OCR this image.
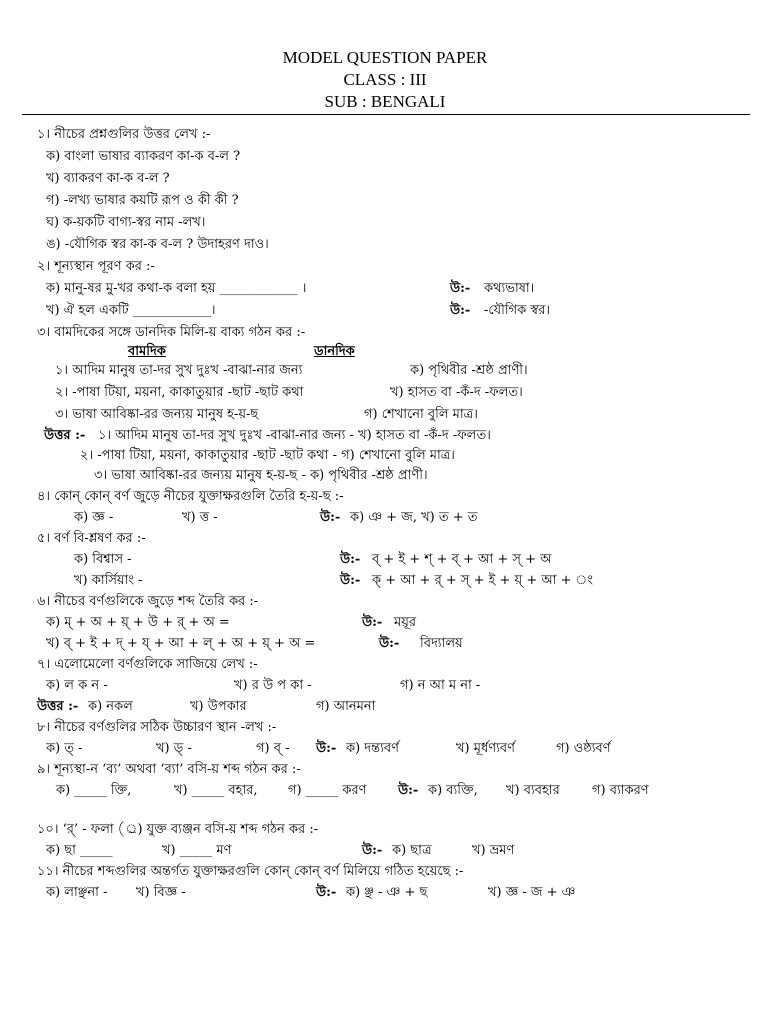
MODEL QUESTION PAPER
CLASS : III
SUB : BENGALI
১। নীচের প্রশ্নগুলির উত্তর লেখ :-
ক) বাংলা ভাষার ব্যাকরণ কা-ক ব-ল ?
খ) ব্যাকরণ কা-ক ব-ল ?
গ) -লখ্য ভাষার কয়টি রূপ ও কী কী ?
ঘ) ক-য়কটি বাগ্য-স্বর নাম -লখ।
ঙ) -যৌগিক স্বর কা-ক ব-ল ? উদাহরণ দাও।
২। শূন্যস্থান পূরণ কর :-
ক) মানু-ষর মু-খর কথা-ক বলা হয় ____________ ।	উ:- কথ্যভাষা।
খ) ঐ হল একটি ____________।	উ:- -যৌগিক স্বর।
৩। বামদিকের সঙ্গে ডানদিক মিলি-য় বাক্য গঠন কর :-
বামদিক	ডানদিক
১। আদিম মানুষ তা-দর সুখ দুঃখ -বাঝা-নার জন্য	ক) পৃথিবীর -শ্রষ্ঠ প্রাণী।
২। -পাষা টিয়া, ময়না, কাকাতুয়ার -ছাট -ছাট কথা	খ) হাসত বা -কঁ-দ -ফলত।
৩। ভাষা আবিষ্কা-রর জন্যয় মানুষ হ-য়-ছ	গ) শেখানো বুলি মাত্র।
উত্তর :- ১। আদিম মানুষ তা-দর সুখ দুঃখ -বাঝা-নার জন্য - খ) হাসত বা -কঁ-দ -ফলত।
২। -পাষা টিয়া, ময়না, কাকাতুয়ার -ছাট -ছাট কথা - গ) শেখানো বুলি মাত্র।
৩। ভাষা আবিষ্কা-রর জন্যয় মানুষ হ-য়-ছ - ক) পৃথিবীর -শ্রষ্ঠ প্রাণী।
৪। কোন্ কোন্ বর্ণ জুড়ে নীচের যুক্তাক্ষরগুলি তৈরি হ-য়-ছ :-
ক) জ্ঞ -	খ) ত্ত -	উ:- ক) ঞ + জ, খ) ত + ত
৫। বর্ণ বি-শ্লষণ কর :-
ক) বিশ্বাস -	উ:- ব্ + ই + শ্ + ব্ + আ + স্ + অ
খ) কার্সিয়াং -	উ:- ক্ + আ + র্ + স্ + ই + য়্ + আ + ং
৬। নীচের বর্ণগুলিকে জুড়ে শব্দ তৈরি কর :-
ক) ম্ + অ + য়্ + উ + র্ + অ =	উ:- ময়ূর
খ) ব্ + ই + দ্ + য্ + আ + ল্ + অ + য়্ + অ =	উ:- বিদ্যালয়
৭। এলোমেলো বর্ণগুলিকে সাজিয়ে লেখ :-
ক) ল ক ন -	খ) র উ প কা -	গ) ন আ ম না -
উত্তর :- ক) নকল	খ) উপকার	গ) আনমনা
৮। নীচের বর্ণগুলির সঠিক উচ্চারণ স্থান -লখ :-
ক) ত্ -	খ) ড্ -	গ) ব্ - উ:- ক) দন্ত্যবর্ণ	খ) মূর্ধণ্যবর্ণ	গ) ওষ্ঠ্যবর্ণ
৯। শূন্যস্থা-ন ‘ব্য’ অথবা ‘ব্যা’ বসি-য় শব্দ গঠন কর :-
ক) _____ ক্তি,	খ) _____ বহার, গ) _____ করণ উ:- ক) ব্যক্তি, খ) ব্যবহার গ) ব্যাকরণ
১০। ‘র্’ - ফলা (্র) যুক্ত ব্যঞ্জন বসি-য় শব্দ গঠন কর :-
ক) ছা _____	খ) _____ মণ	উ:- ক) ছাত্র	খ) ভ্রমণ
১১। নীচের শব্দগুলির অন্তর্গত যুক্তাক্ষরগুলি কোন্ কোন্ বর্ণ মিলিয়ে গঠিত হয়েছে :-
ক) লাঞ্ছনা - খ) বিজ্ঞ -	উ:- ক) ঞ্ছ - ঞ + ছ	খ) জ্ঞ - জ + ঞ
